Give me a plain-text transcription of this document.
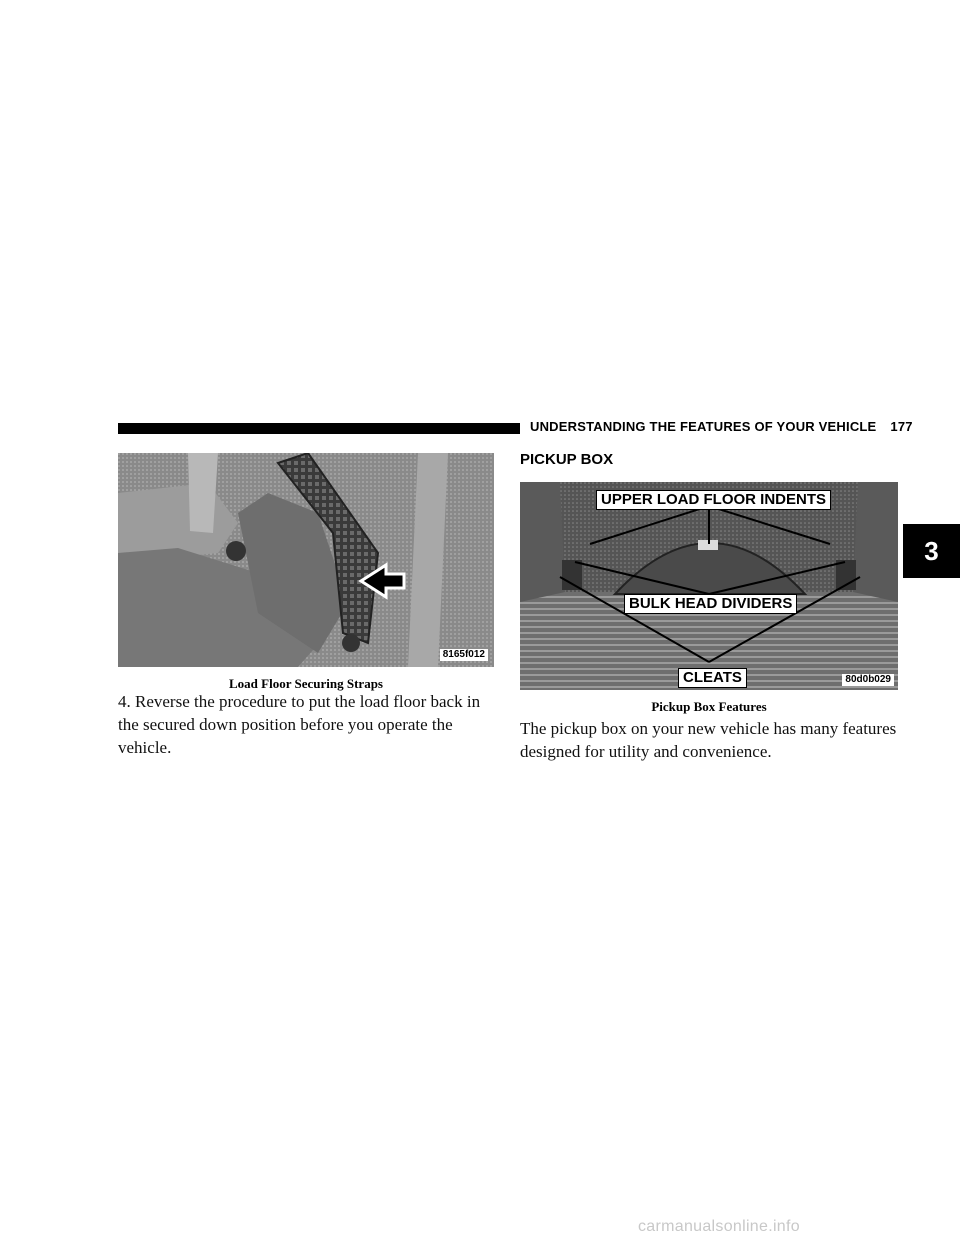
UNDERSTANDING THE FEATURES OF YOUR VEHICLE 177
8165f012
Load Floor Securing Straps
4. Reverse the procedure to put the load floor back in the secured down position before you operate the vehicle.
PICKUP BOX
UPPER LOAD FLOOR INDENTS
BULK HEAD DIVIDERS
CLEATS	80d0b029
Pickup Box Features
The pickup box on your new vehicle has many features designed for utility and convenience.
3
carmanualsonline.info
